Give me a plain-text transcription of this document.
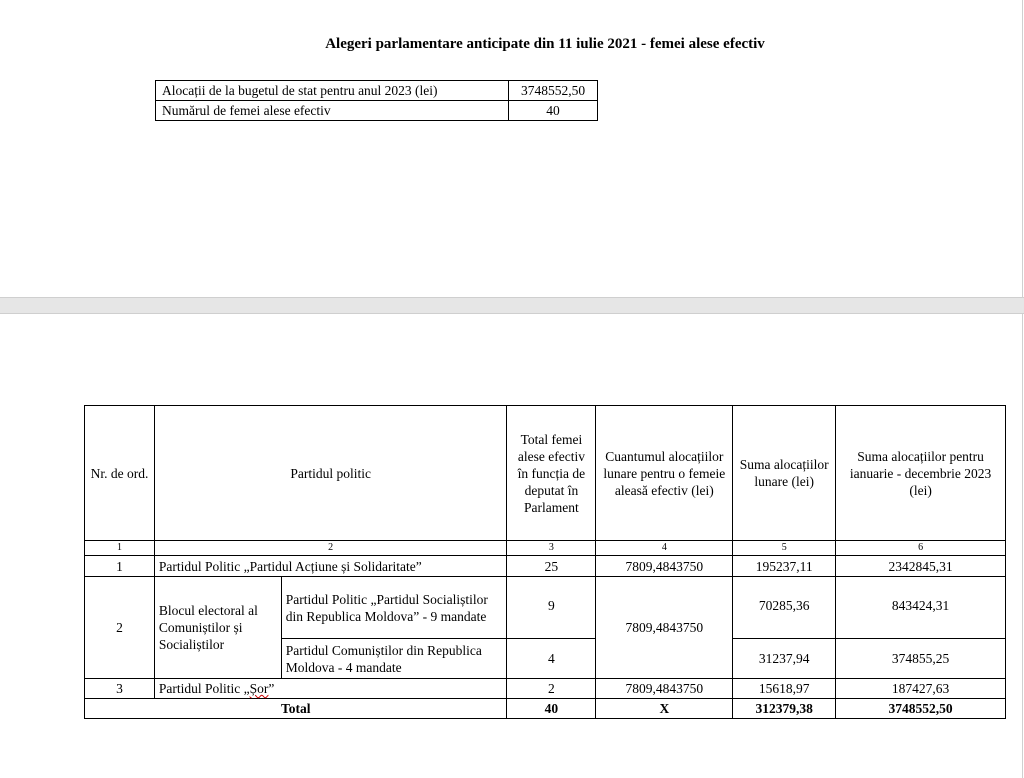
Alegeri parlamentare anticipate din 11 iulie 2021 - femei alese efectiv
Alocații de la bugetul de stat pentru anul 2023 (lei)	3748552,50
Numărul de femei alese efectiv	40
Nr. de ord.	Partidul politic		Total femei alese efectiv în funcția de deputat în Parlament	Cuantumul alocațiilor lunare pentru o femeie aleasă efectiv (lei)	Suma alocațiilor lunare (lei)	Suma alocațiilor pentru ianuarie - decembrie 2023 (lei)
1	2		3	4	5	6
1	Partidul Politic „Partidul Acțiune și Solidaritate”		25	7809,4843750	195237,11	2342845,31
2	Blocul electoral al Comuniștilor și Socialiștilor	Partidul Politic „Partidul Socialiștilor din Republica Moldova” - 9 mandate	9	7809,4843750	70285,36	843424,31
		Partidul Comuniștilor din Republica Moldova - 4 mandate	4		31237,94	374855,25
3	Partidul Politic „Șor”		2	7809,4843750	15618,97	187427,63
Total			40	X	312379,38	3748552,50
